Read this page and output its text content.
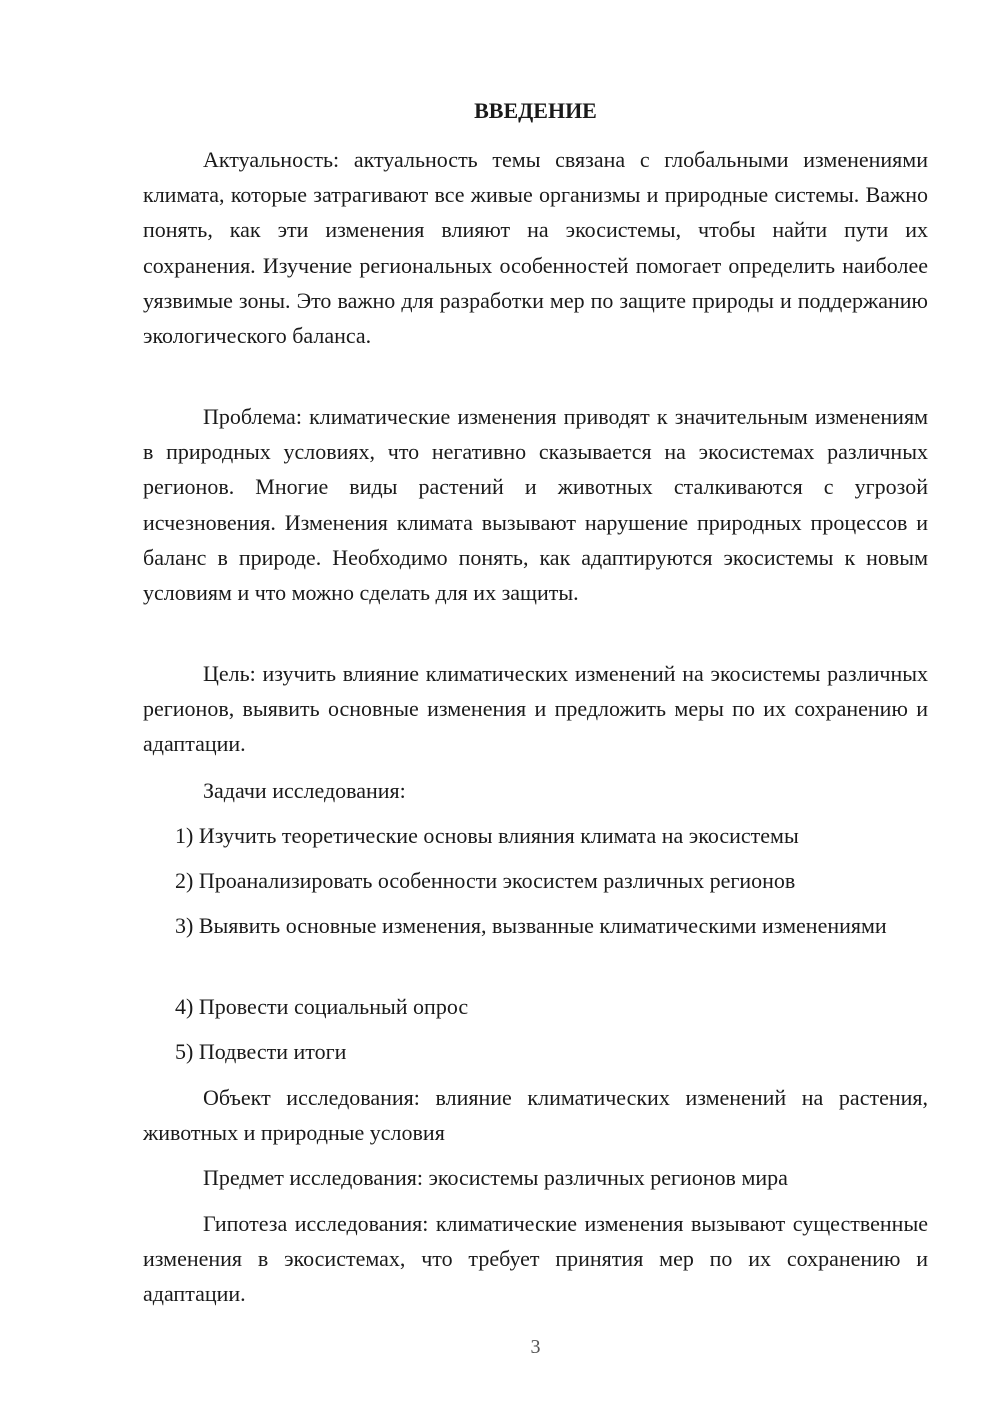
ВВЕДЕНИЕ

Актуальность: актуальность темы связана с глобальными изменениями климата, которые затрагивают все живые организмы и природные системы. Важно понять, как эти изменения влияют на экосистемы, чтобы найти пути их сохранения. Изучение региональных особенностей помогает определить наиболее уязвимые зоны. Это важно для разработки мер по защите природы и поддержанию экологического баланса.

Проблема: климатические изменения приводят к значительным изменениям в природных условиях, что негативно сказывается на экосистемах различных регионов. Многие виды растений и животных сталкиваются с угрозой исчезновения. Изменения климата вызывают нарушение природных процессов и баланс в природе. Необходимо понять, как адаптируются экосистемы к новым условиям и что можно сделать для их защиты.

Цель: изучить влияние климатических изменений на экосистемы различных регионов, выявить основные изменения и предложить меры по их сохранению и адаптации.

Задачи исследования:

1) Изучить теоретические основы влияния климата на экосистемы

2) Проанализировать особенности экосистем различных регионов

3) Выявить основные изменения, вызванные климатическими изменениями

4) Провести социальный опрос

5) Подвести итоги

Объект исследования: влияние климатических изменений на растения, животных и природные условия

Предмет исследования: экосистемы различных регионов мира

Гипотеза исследования: климатические изменения вызывают существенные изменения в экосистемах, что требует принятия мер по их сохранению и адаптации.

3
